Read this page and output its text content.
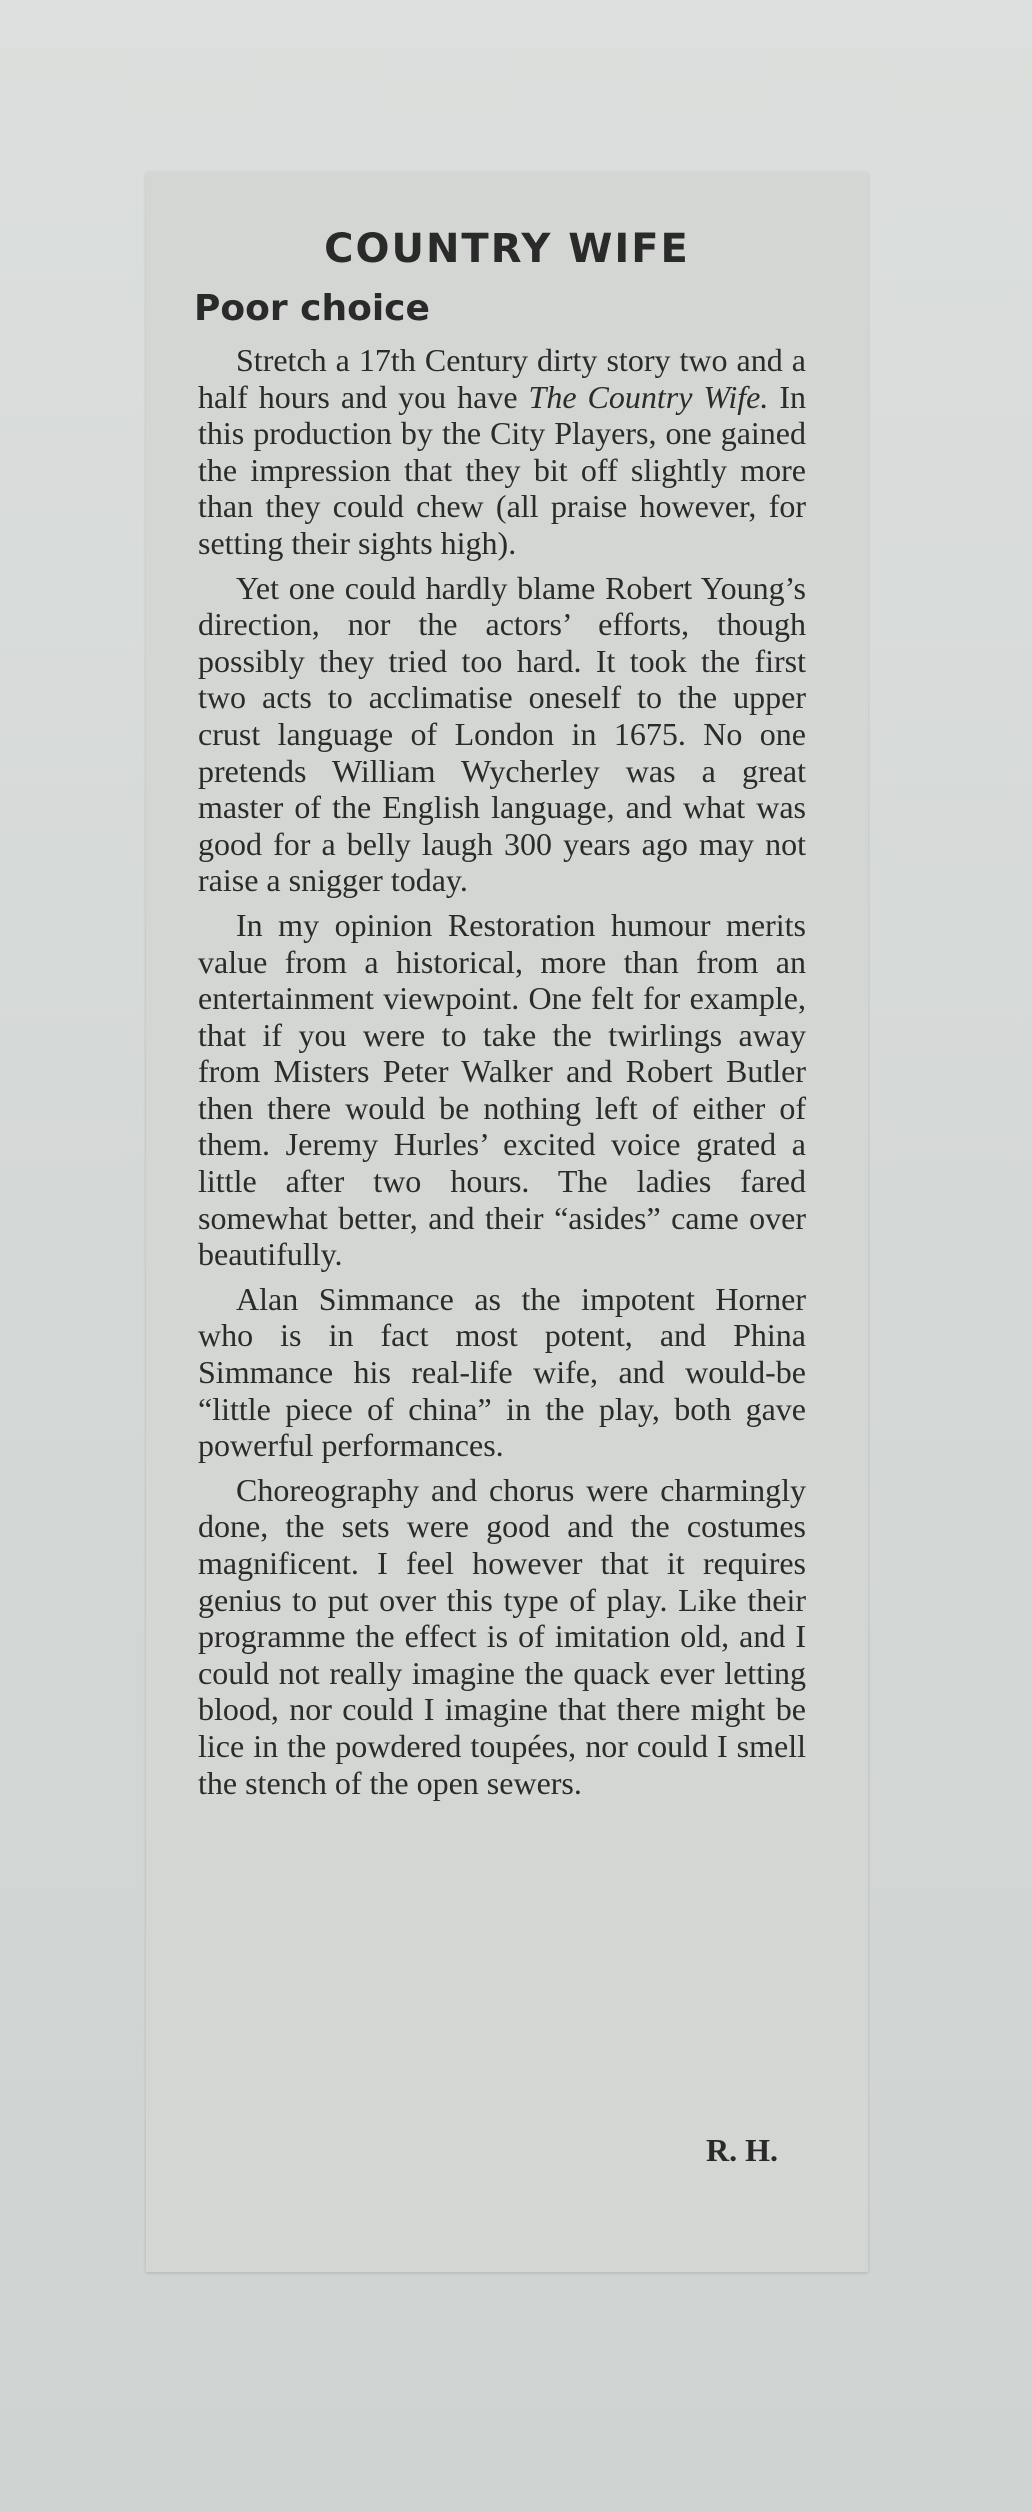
COUNTRY WIFE
Poor choice

Stretch a 17th Century dirty story two and a half hours and you have The Country Wife. In this production by the City Players, one gained the impression that they bit off slightly more than they could chew (all praise however, for setting their sights high).

Yet one could hardly blame Robert Young’s direction, nor the actors’ efforts, though possibly they tried too hard. It took the first two acts to acclimatise oneself to the upper crust language of London in 1675. No one pretends William Wycherley was a great master of the English language, and what was good for a belly laugh 300 years ago may not raise a snigger today.

In my opinion Restoration humour merits value from a historical, more than from an entertainment viewpoint. One felt for example, that if you were to take the twirlings away from Misters Peter Walker and Robert Butler then there would be nothing left of either of them. Jeremy Hurles’ excited voice grated a little after two hours. The ladies fared somewhat better, and their “asides” came over beautifully.

Alan Simmance as the impotent Horner who is in fact most potent, and Phina Simmance his real-life wife, and would-be “little piece of china” in the play, both gave powerful performances.

Choreography and chorus were charmingly done, the sets were good and the costumes magnificent. I feel however that it requires genius to put over this type of play. Like their programme the effect is of imitation old, and I could not really imagine the quack ever letting blood, nor could I imagine that there might be lice in the powdered toupées, nor could I smell the stench of the open sewers.

R. H.
